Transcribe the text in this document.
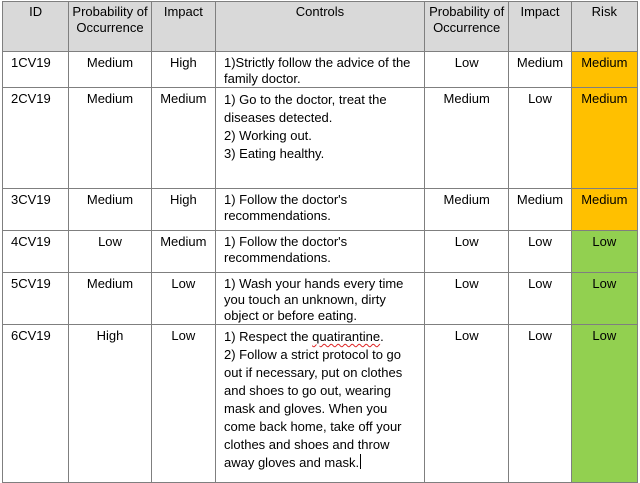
ID	Probability of Occurrence	Impact	Controls	Probability of Occurrence	Impact	Risk
1CV19	Medium	High	1)Strictly follow the advice of the family doctor.	Low	Medium	Medium
2CV19	Medium	Medium	1) Go to the doctor, treat the diseases detected.
2) Working out.
3) Eating healthy.	Medium	Low	Medium
3CV19	Medium	High	1) Follow the doctor's recommendations.	Medium	Medium	Medium
4CV19	Low	Medium	1) Follow the doctor's recommendations.	Low	Low	Low
5CV19	Medium	Low	1) Wash your hands every time you touch an unknown, dirty object or before eating.	Low	Low	Low
6CV19	High	Low	1) Respect the quatirantine.
2) Follow a strict protocol to go out if necessary, put on clothes and shoes to go out, wearing mask and gloves. When you come back home, take off your clothes and shoes and throw away gloves and mask.	Low	Low	Low
